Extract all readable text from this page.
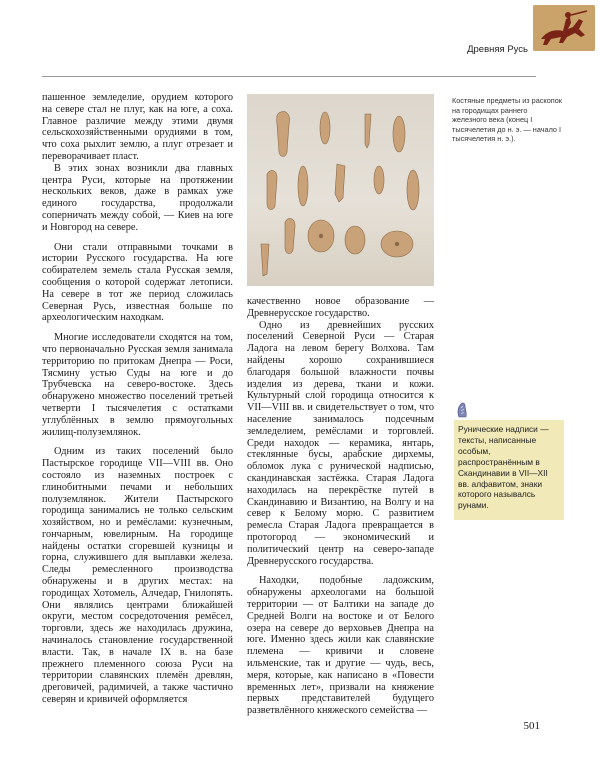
Древняя Русь

пашенное земледелие, орудием которого на севере стал не плуг, как на юге, а соха. Главное различие между этими двумя сельскохозяйственными орудиями в том, что соха рыхлит землю, а плуг отрезает и переворачивает пласт.

В этих зонах возникли два главных центра Руси, которые на протяжении нескольких веков, даже в рамках уже единого государства, продолжали соперничать между собой, — Киев на юге и Новгород на севере.

Они стали отправными точками в истории Русского государства. На юге собирателем земель стала Русская земля, сообщения о которой содержат летописи. На севере в тот же период сложилась Северная Русь, известная больше по археологическим находкам.

Многие исследователи сходятся на том, что первоначально Русская земля занимала территорию по притокам Днепра — Роси, Тясмину устью Суды на юге и до Трубчевска на северо-востоке. Здесь обнаружено множество поселений третьей четверти I тысячелетия с остатками углублённых в землю прямоугольных жилищ-полуземлянок.

Одним из таких поселений было Пастырское городище VII—VIII вв. Оно состояло из наземных построек с глинобитными печами и небольших полуземлянок. Жители Пастырского городища занимались не только сельским хозяйством, но и ремёслами: кузнечным, гончарным, ювелирным. На городище найдены остатки сгоревшей кузницы и горна, служившего для выплавки железа. Следы ремесленного производства обнаружены и в других местах: на городищах Хотомель, Алчедар, Гнилопять. Они являлись центрами ближайшей округи, местом сосредоточения ремёсел, торговли, здесь же находилась дружина, начиналось становление государственной власти. Так, в начале IX в. на базе прежнего племенного союза Руси на территории славянских племён древлян, дреговичей, радимичей, а также частично северян и кривичей оформляется

качественно новое образование — Древнерусское государство.

Одно из древнейших русских поселений Северной Руси — Старая Ладога на левом берегу Волхова. Там найдены хорошо сохранившиеся благодаря большой влажности почвы изделия из дерева, ткани и кожи. Культурный слой городища относится к VII—VIII вв. и свидетельствует о том, что население занималось подсечным земледелием, ремёслами и торговлей. Среди находок — керамика, янтарь, стеклянные бусы, арабские дирхемы, обломок лука с рунической надписью, скандинавская застёжка. Старая Ладога находилась на перекрёстке путей в Скандинавию и Византию, на Волгу и на север к Белому морю. С развитием ремесла Старая Ладога превращается в протогород — экономический и политический центр на северо-западе Древнерусского государства.

Находки, подобные ладожским, обнаружены археологами на большой территории — от Балтики на западе до Средней Волги на востоке и от Белого озера на севере до верховьев Днепра на юге. Именно здесь жили как славянские племена — кривичи и словене ильменские, так и другие — чудь, весь, меря, которые, как написано в «Повести временных лет», призвали на княжение первых представителей будущего разветвлённого княжеского семейства —

Костяные предметы из раскопок на городищах раннего железного века (конец I тысячелетия до н. э. — начало I тысячелетия н. э.).
Рунические надписи — тексты, написанные особым, распространённым в Скандинавии в VII—XII вв. алфавитом, знаки которого называлсь рунами.
501
